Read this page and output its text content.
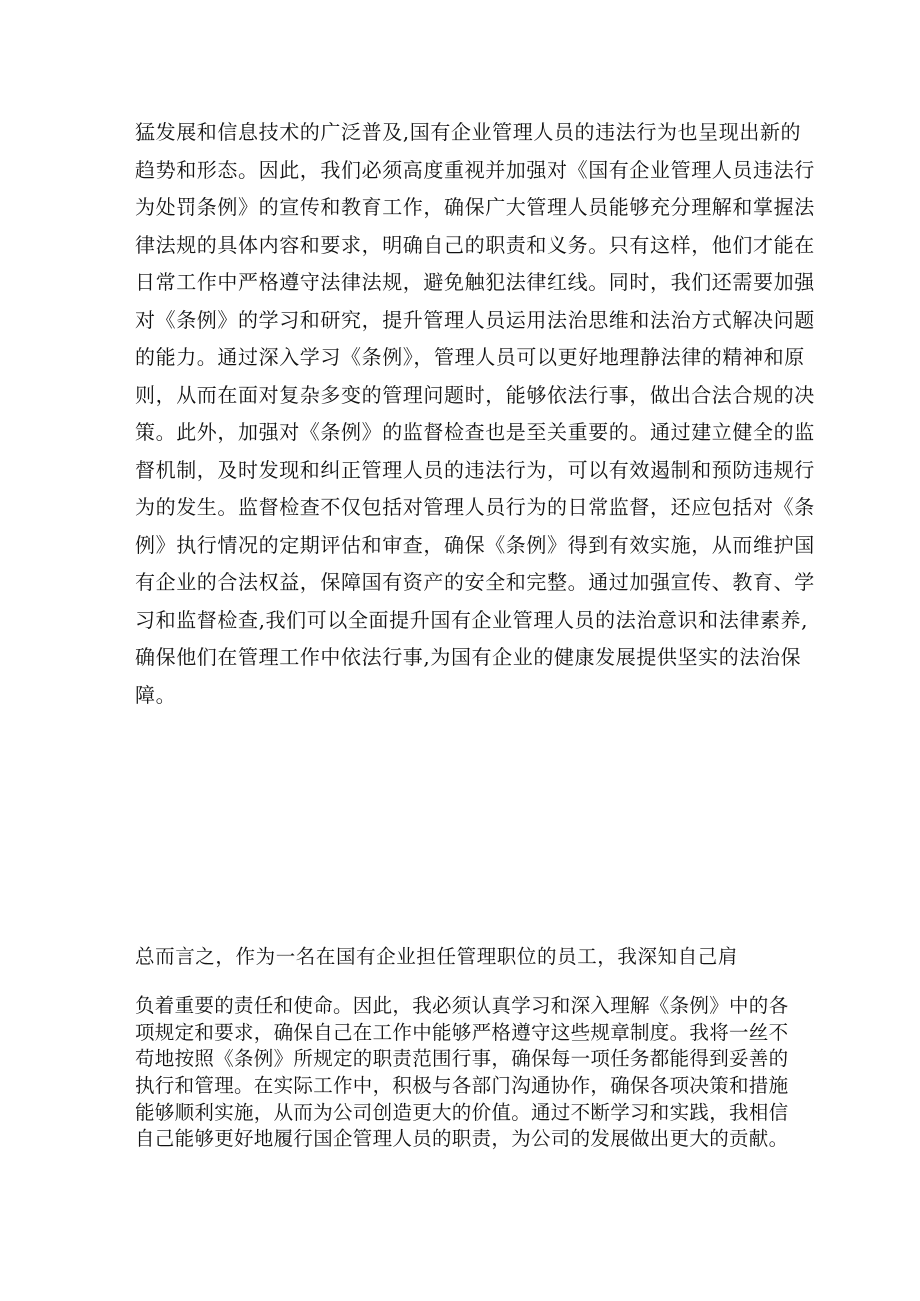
猛发展和信息技术的广泛普及,国有企业管理人员的违法行为也呈现出新的
趋势和形态。因此，我们必须高度重视并加强对《国有企业管理人员违法行
为处罚条例》的宣传和教育工作，确保广大管理人员能够充分理解和掌握法
律法规的具体内容和要求，明确自己的职责和义务。只有这样，他们才能在
日常工作中严格遵守法律法规，避免触犯法律红线。同时，我们还需要加强
对《条例》的学习和研究，提升管理人员运用法治思维和法治方式解决问题
的能力。通过深入学习《条例》，管理人员可以更好地理静法律的精神和原
则，从而在面对复杂多变的管理问题时，能够依法行事，做出合法合规的决
策。此外，加强对《条例》的监督检查也是至关重要的。通过建立健全的监
督机制，及时发现和纠正管理人员的违法行为，可以有效遏制和预防违规行
为的发生。监督检查不仅包括对管理人员行为的日常监督，还应包括对《条
例》执行情况的定期评估和审查，确保《条例》得到有效实施，从而维护国
有企业的合法权益，保障国有资产的安全和完整。通过加强宣传、教育、学
习和监督检查,我们可以全面提升国有企业管理人员的法治意识和法律素养,
确保他们在管理工作中依法行事,为国有企业的健康发展提供坚实的法治保
障。
总而言之，作为一名在国有企业担任管理职位的员工，我深知自己肩
负着重要的责任和使命。因此，我必须认真学习和深入理解《条例》中的各
项规定和要求，确保自己在工作中能够严格遵守这些规章制度。我将一丝不
苟地按照《条例》所规定的职责范围行事，确保每一项任务都能得到妥善的
执行和管理。在实际工作中，积极与各部门沟通协作，确保各项决策和措施
能够顺利实施，从而为公司创造更大的价值。通过不断学习和实践，我相信
自己能够更好地履行国企管理人员的职责，为公司的发展做出更大的贡献。
